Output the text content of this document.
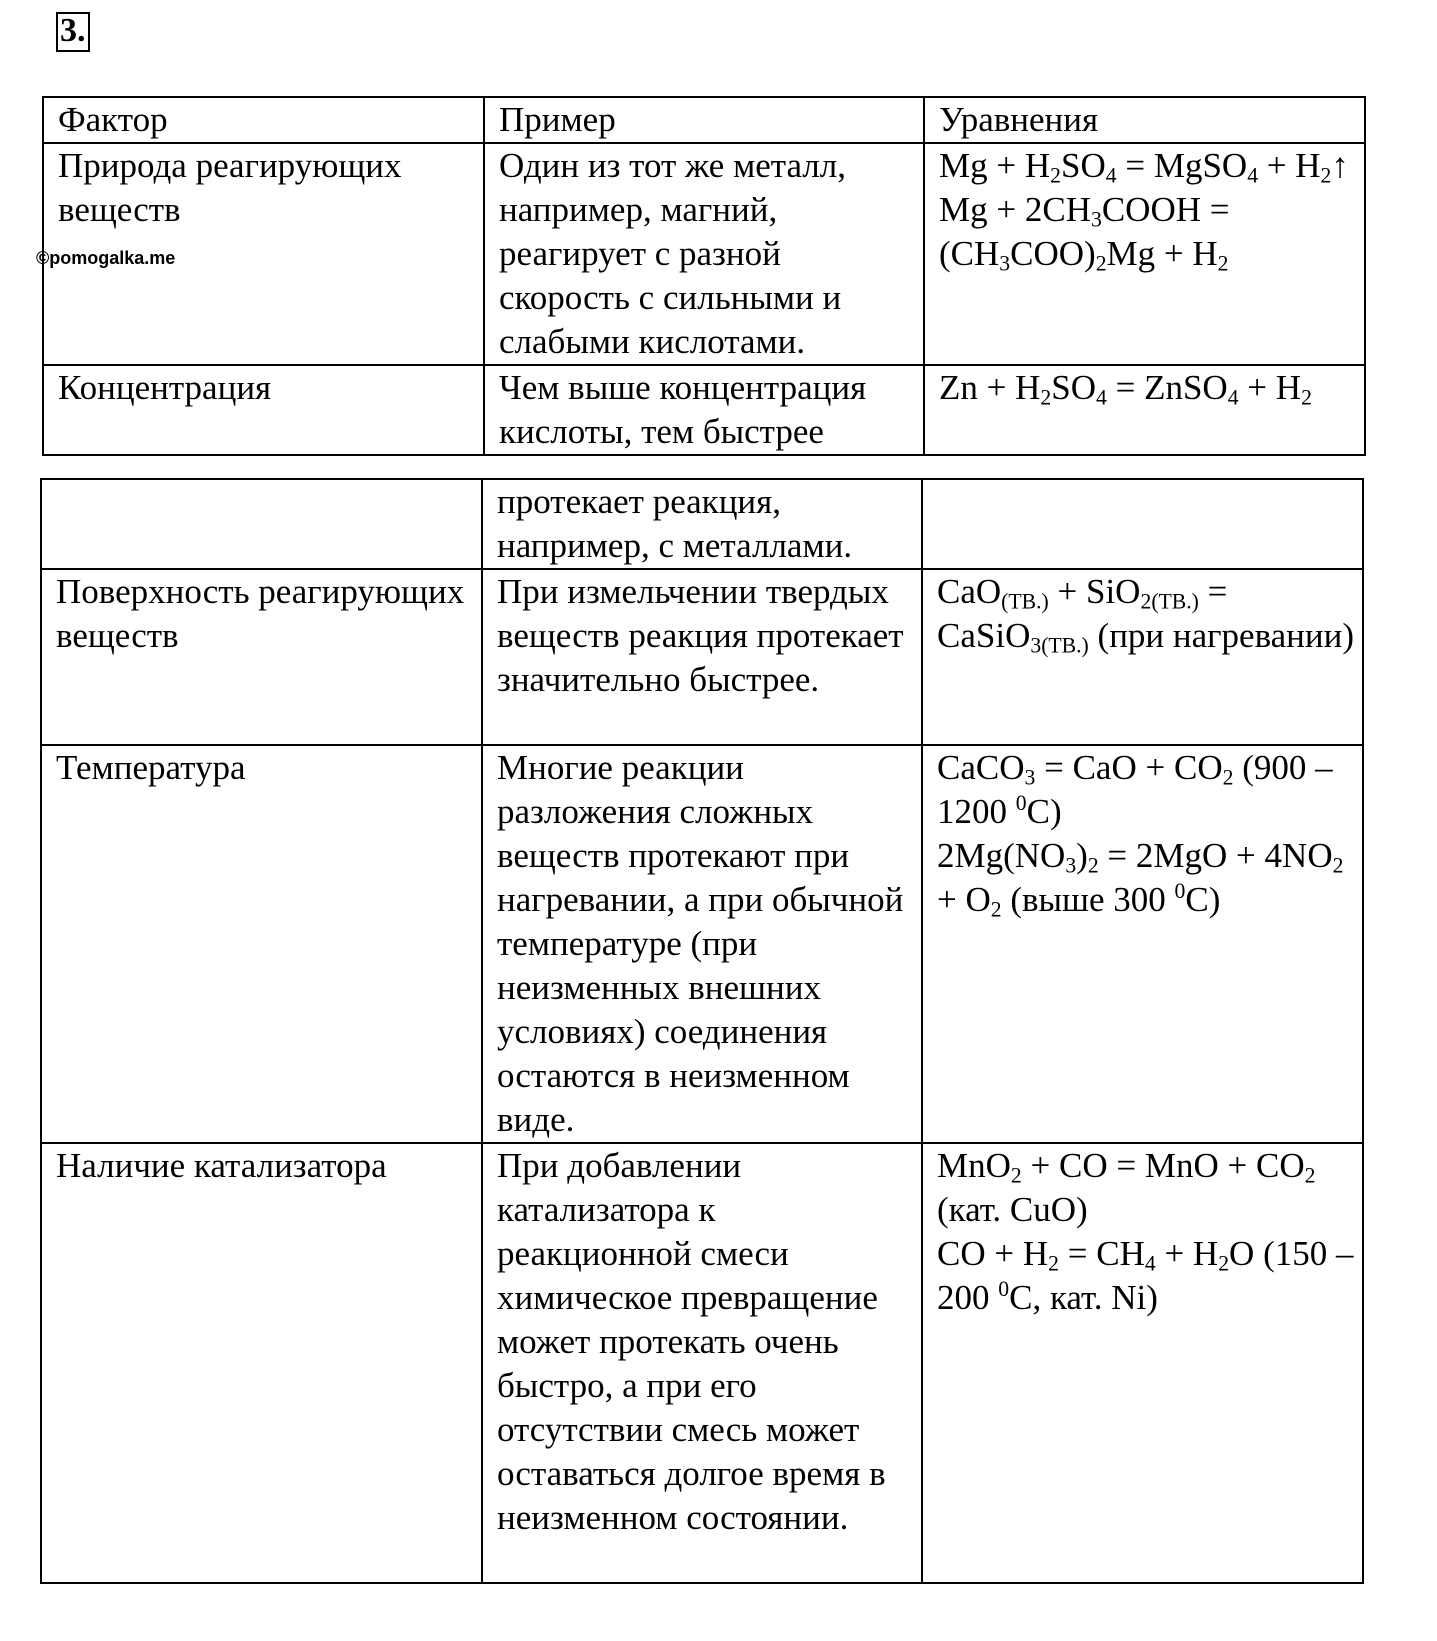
3.
©pomogalka.me
Фактор	Пример	Уравнения
Природа реагирующих веществ	Один из тот же металл, например, магний, реагирует с разной скорость с сильными и слабыми кислотами.	$Mg + H_2SO_4$ = MgSO$_4$ + $H_2↑$
$Mg + 2CH_3COOH = (CH_3COO)_2Mg + H_2$
Концентрация	Чем выше концентрация кислоты, тем быстрее	$Zn + H_2SO_4$ = ZnSO$_4$ + $H_2$
	протекает реакция, например, с металлами.	
Поверхность реагирующих веществ	При измельчении твердых веществ реакция протекает значительно быстрее.	CaO$_{(ТВ.)}$ + SiO$_{2(ТВ.)}$ = CaSiO$_{3(ТВ.)}$ (при нагревании)
Температура	Многие реакции разложения сложных веществ протекают при нагревании, а при обычной температуре (при неизменных внешних условиях) соединения остаются в неизменном виде.	CaCO$_3$ = CaO + $CO_2$ (900 – 1200 $^0$C)
$2Mg(NO_3)_2 = 2MgO + 4NO_2 + O_2$ (выше 300 $^0$C)
Наличие катализатора	При добавлении катализатора к реакционной смеси химическое превращение может протекать очень быстро, а при его отсутствии смесь может оставаться долгое время в неизменном состоянии.	MnO$_2$ + CO = MnO + $CO_2$ (кат. CuO)
CO + $H_2 = CH_4 + H_2O$ (150 – 200 $^0$C, кат. Ni)
